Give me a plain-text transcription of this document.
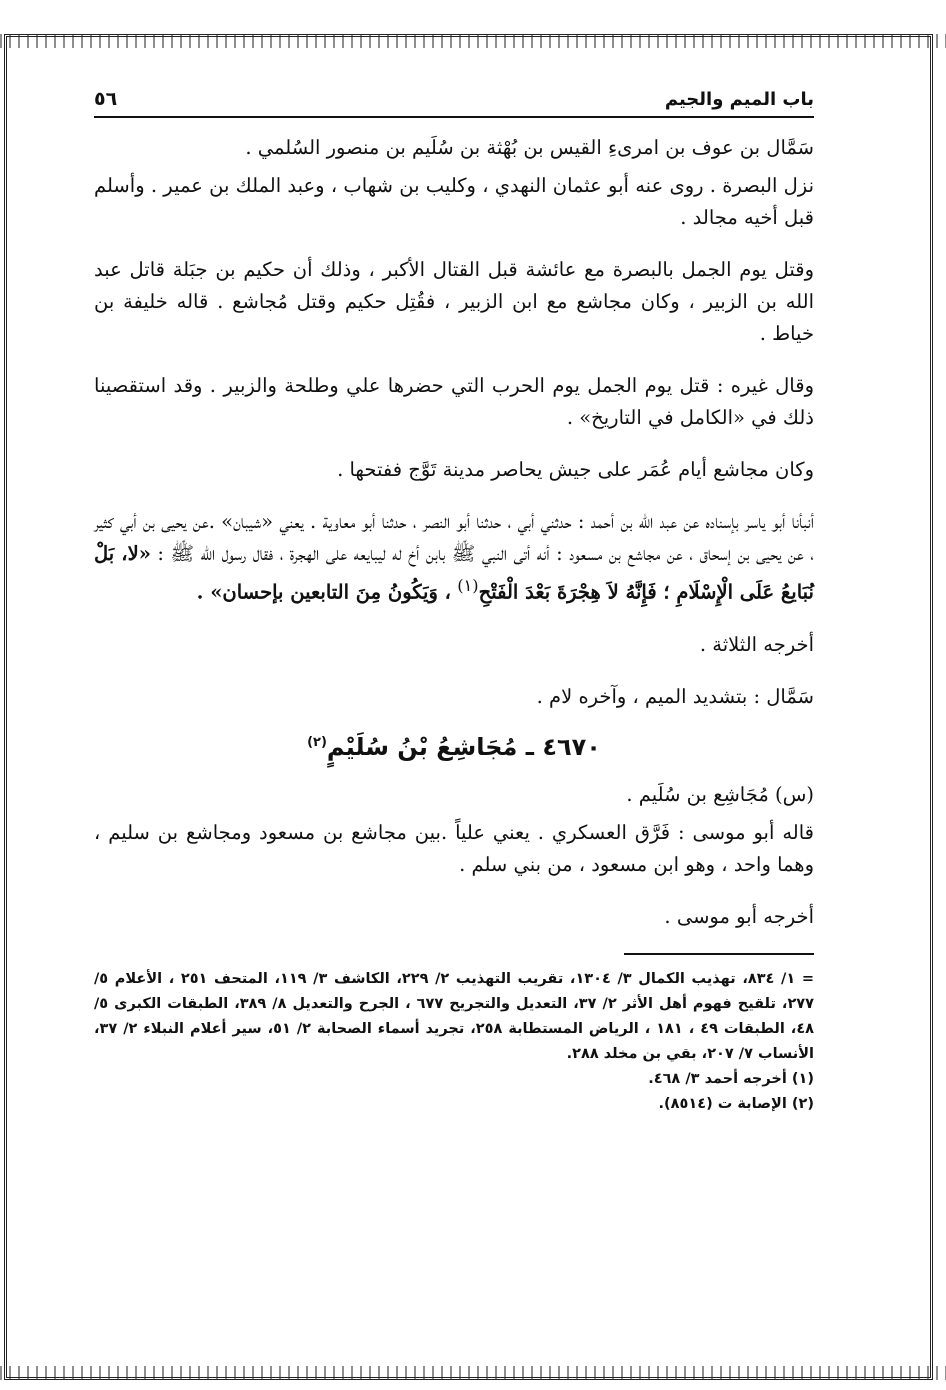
باب الميم والجيم
٥٦

سَمَّال بن عوف بن امرىءِ القيس بن بُهْثة بن سُلَيم بن منصور السُلمي .

نزل البصرة . روى عنه أبو عثمان النهدي ، وكليب بن شهاب ، وعبد الملك بن عمير . وأسلم قبل أخيه مجالد .

وقتل يوم الجمل بالبصرة مع عائشة قبل القتال الأكبر ، وذلك أن حكيم بن جبَلة قاتل عبد الله بن الزبير ، وكان مجاشع مع ابن الزبير ، فقُتِل حكيم وقتل مُجاشع . قاله خليفة بن خياط .

وقال غيره : قتل يوم الجمل يوم الحرب التي حضرها علي وطلحة والزبير . وقد استقصينا ذلك في «الكامل في التاريخ» .

وكان مجاشع أيام عُمَر على جيش يحاصر مدينة تَوَّج ففتحها .

أنبأنا أبو ياسر بإسناده عن عبد الله بن أحمد : حدثني أبي ، حدثنا أبو النصر ، حدثنا أبو معاوية . يعني «شيبان» .عن يحيى بن أبي كثير ، عن يحيى بن إسحاق ، عن مجاشع بن مسعود : أنه أتى النبي ﷺ بابن أخ له ليبايعه على الهجرة ، فقال رسول الله ﷺ : «لا، بَلْ نُبَايعُ عَلَى الْإِسْلَامِ ؛ فَإِنَّهُ لاَ هِجْرَةَ بَعْدَ الْفَتْحِ$^{(١)}$ ، وَيَكُونُ مِنَ التابعين بإحسان» .

أخرجه الثلاثة .

سَمَّال : بتشديد الميم ، وآخره لام .

٤٦٧٠ ـ مُجَاشِعُ بْنُ سُلَيْمٍ$^{(٢)}$

(س) مُجَاشِع بن سُلَيم .

قاله أبو موسى : فَرَّق العسكري . يعني علياً .بين مجاشع بن مسعود ومجاشع بن سليم ، وهما واحد ، وهو ابن مسعود ، من بني سلم .

أخرجه أبو موسى .

= ١/ ٨٣٤، تهذيب الكمال ٣/ ١٣٠٤، تقريب التهذيب ٢/ ٢٢٩، الكاشف ٣/ ١١٩، المتحف ٢٥١ ، الأعلام ٥/ ٢٧٧، تلقيح فهوم أهل الأثر ٢/ ٣٧، التعديل والتجريح ٦٧٧ ، الجرح والتعديل ٨/ ٣٨٩، الطبقات الكبرى ٥/ ٤٨، الطبقات ٤٩ ، ١٨١ ، الرياض المستطابة ٢٥٨، تجريد أسماء الصحابة ٢/ ٥١، سير أعلام النبلاء ٢/ ٣٧، الأنساب ٧/ ٢٠٧، بقي بن مخلد ٢٨٨.

(١) أخرجه أحمد ٣/ ٤٦٨.

(٢) الإصابة ت (٨٥١٤).
